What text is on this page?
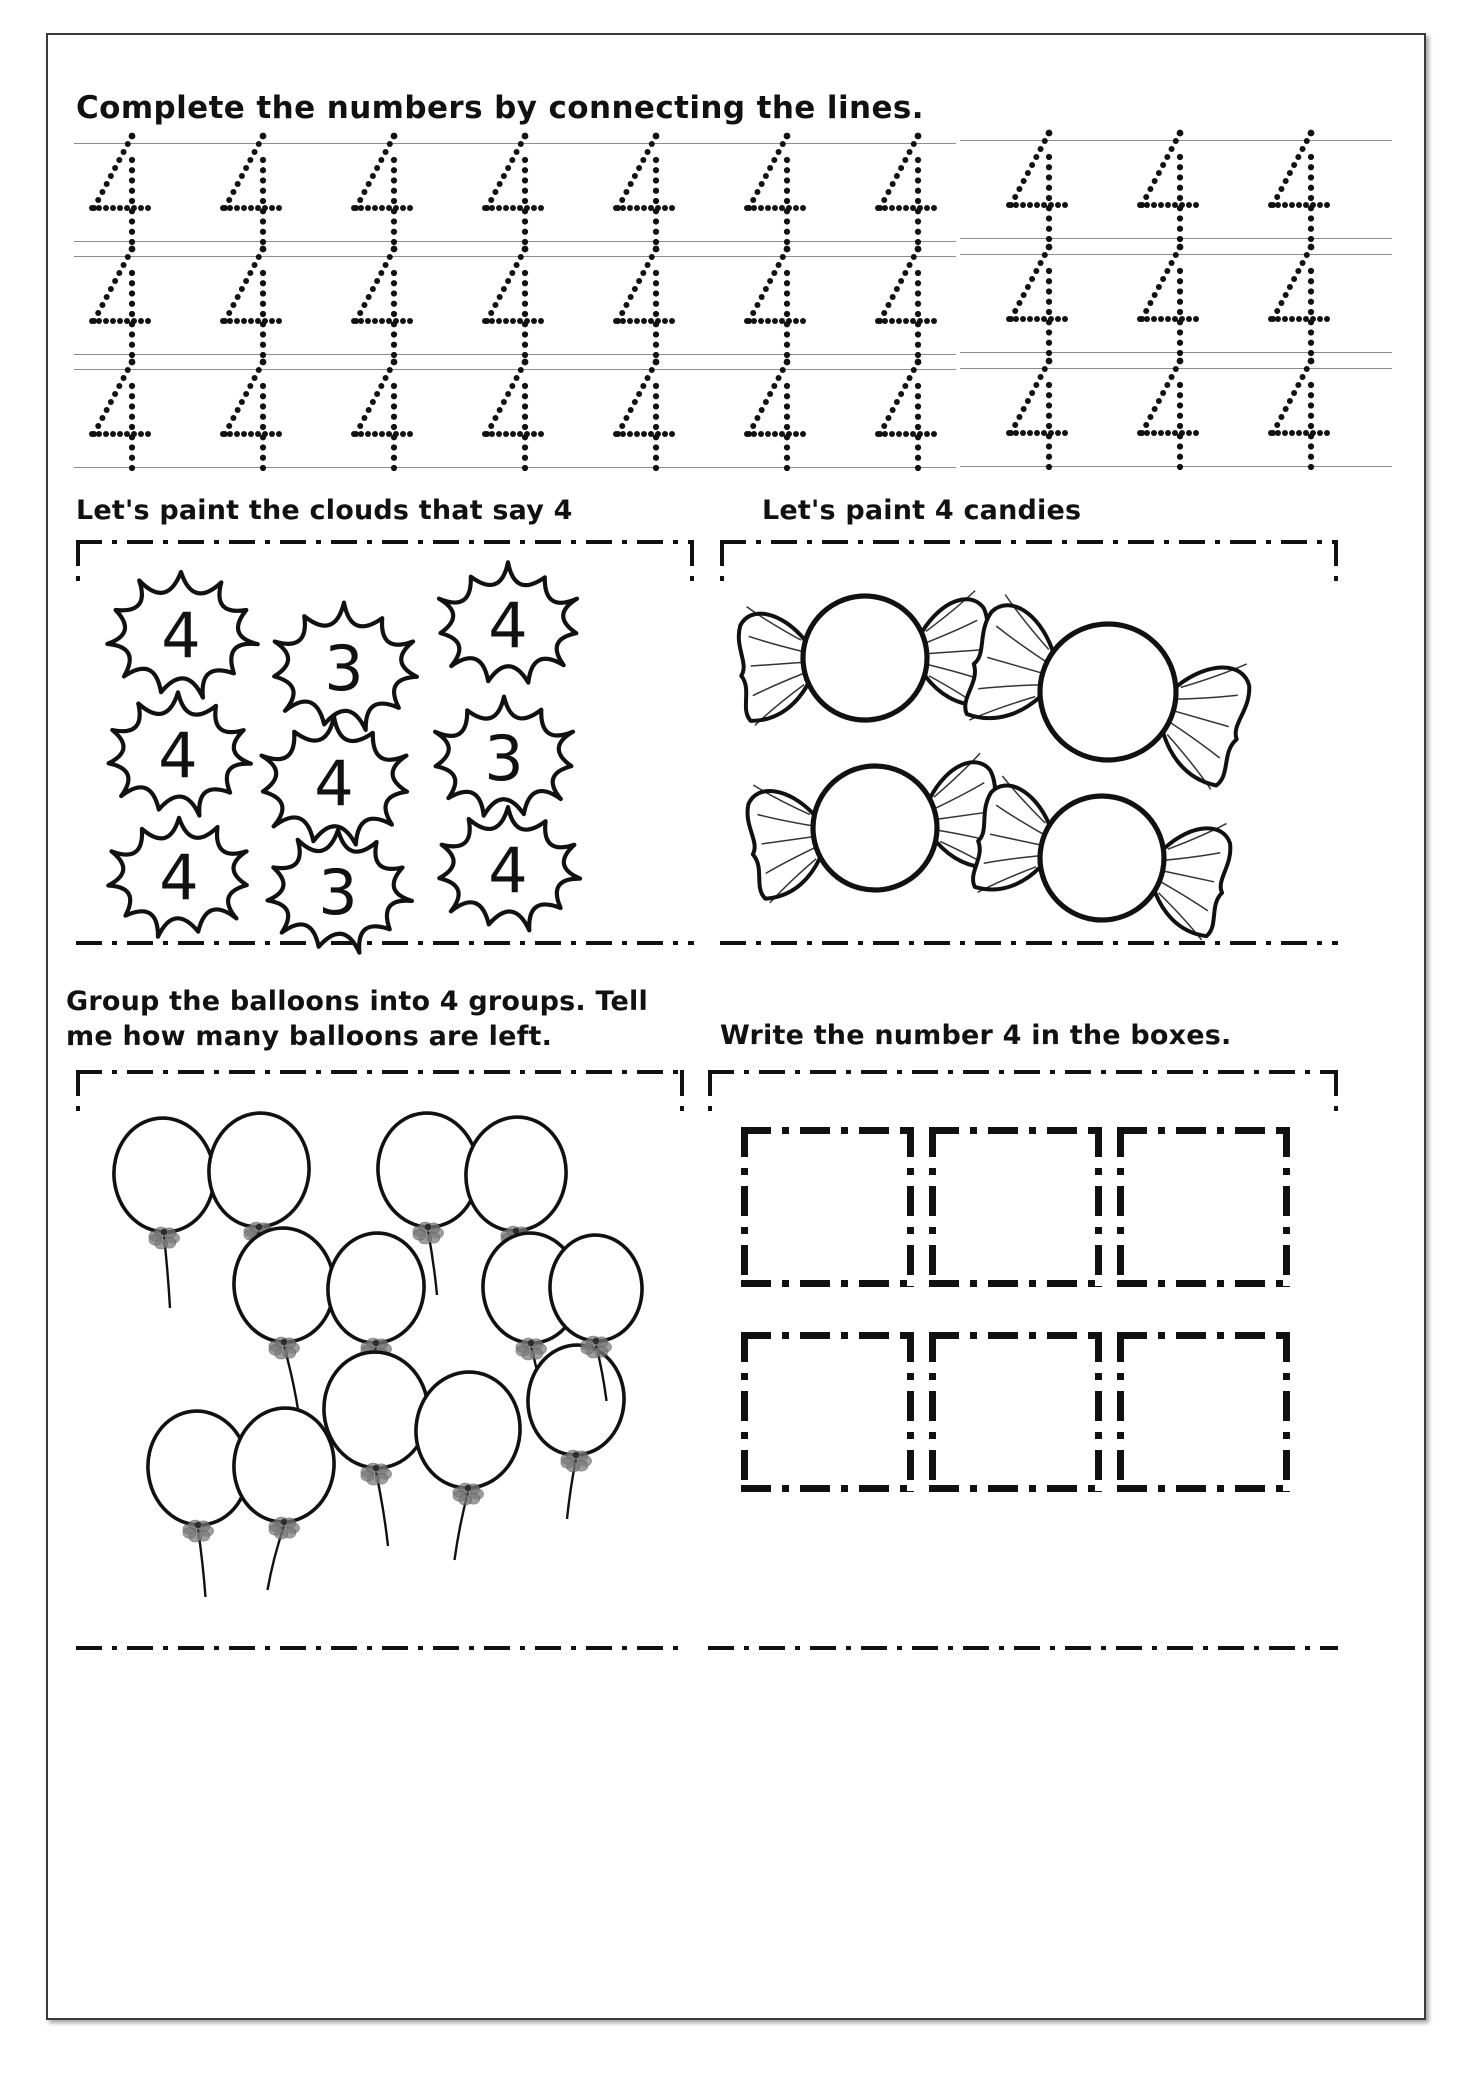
Complete the numbers by connecting the lines.
Let's paint the clouds that say 4
4 3
4
4 4 3
4 3 4
Let's paint 4 candies
Group the balloons into 4 groups. Tell
me how many balloons are left.	Write the number 4 in the boxes.
